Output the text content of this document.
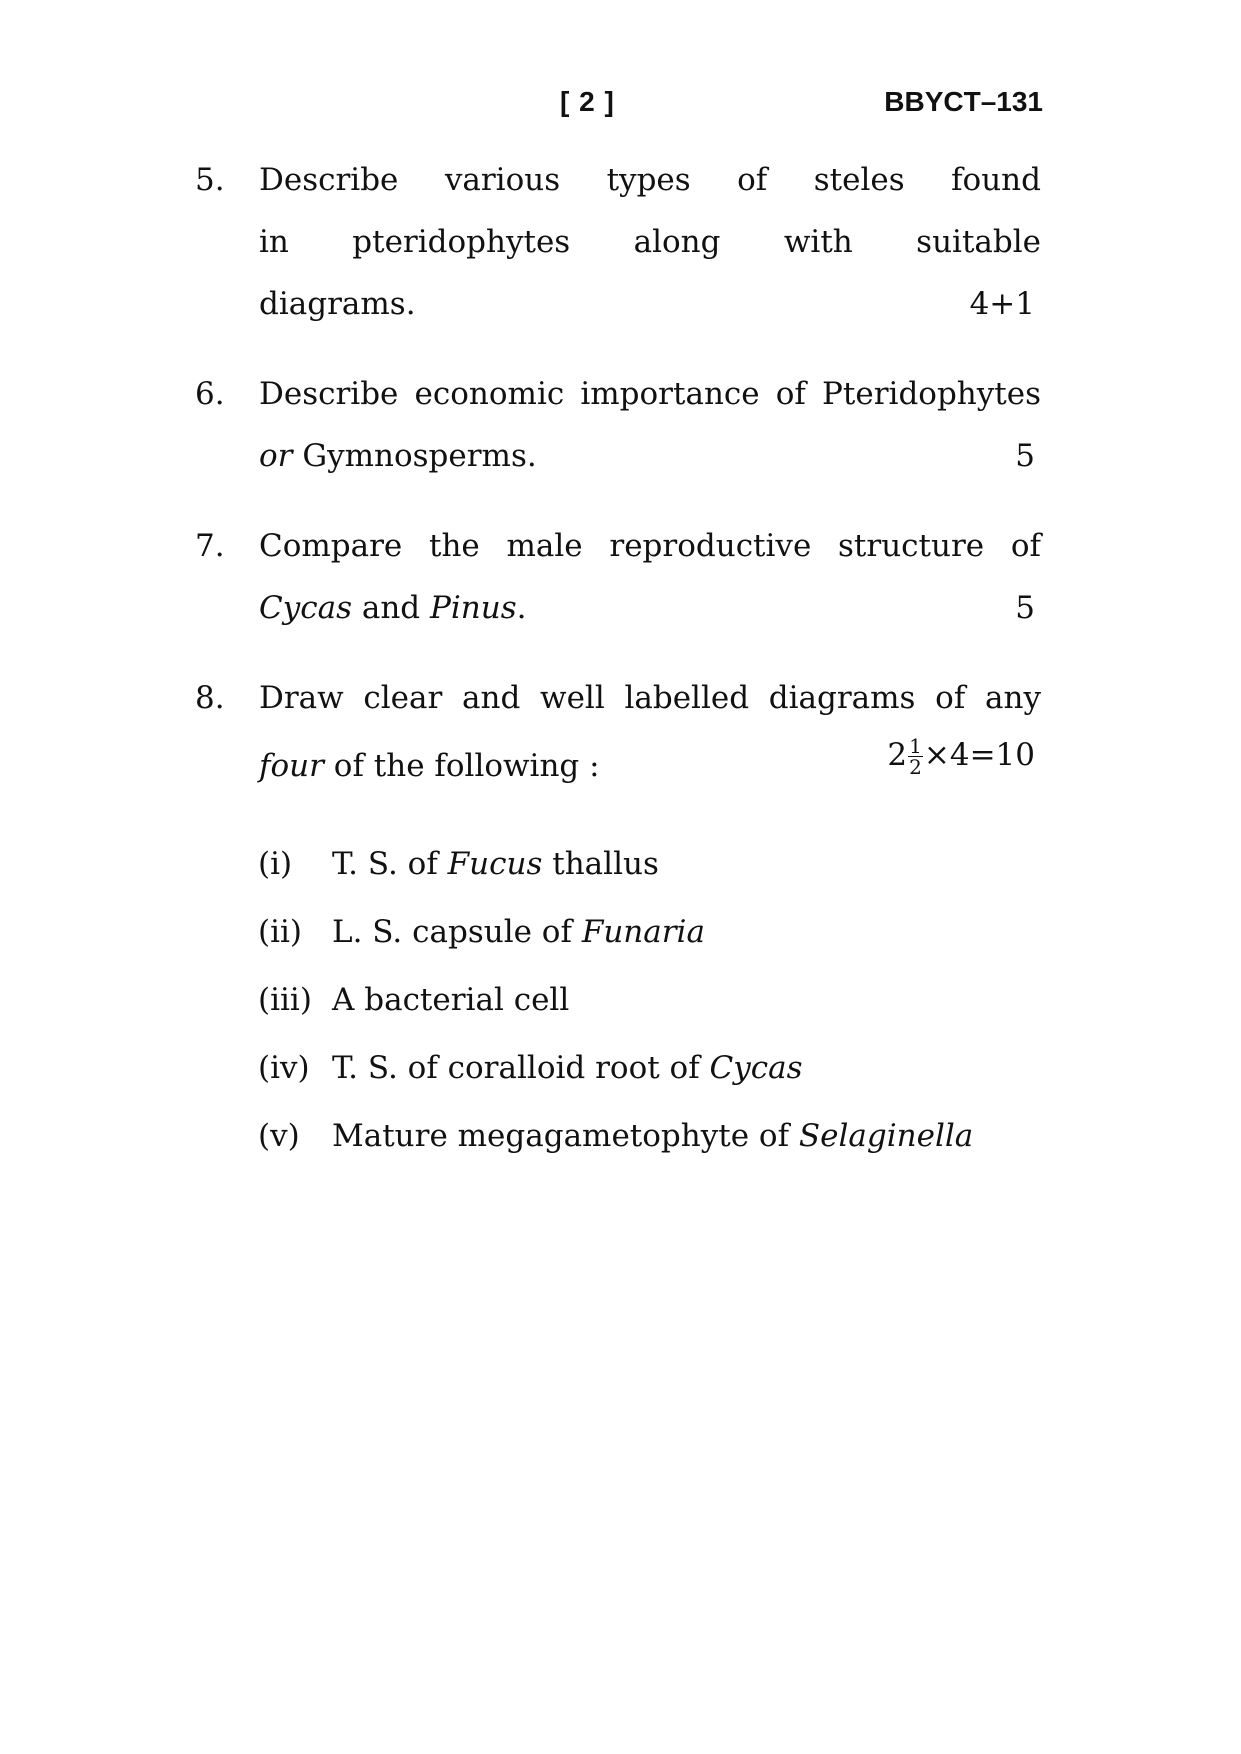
[ 2 ]	BBYCT–131
5. Describe various types of steles found
in pteridophytes along with suitable
diagrams.	4+1
6. Describe economic importance of Pteridophytes
or Gymnosperms.	5
7. Compare the male reproductive structure of
Cycas and Pinus.	5
8. Draw clear and well labelled diagrams of any
four of the following :	$2 \frac{1}{2} \times 4=10$
(i) T. S. of Fucus thallus
(ii) L. S. capsule of Funaria
(iii) A bacterial cell
(iv) T. S. of coralloid root of Cycas
(v) Mature megagametophyte of Selaginella
